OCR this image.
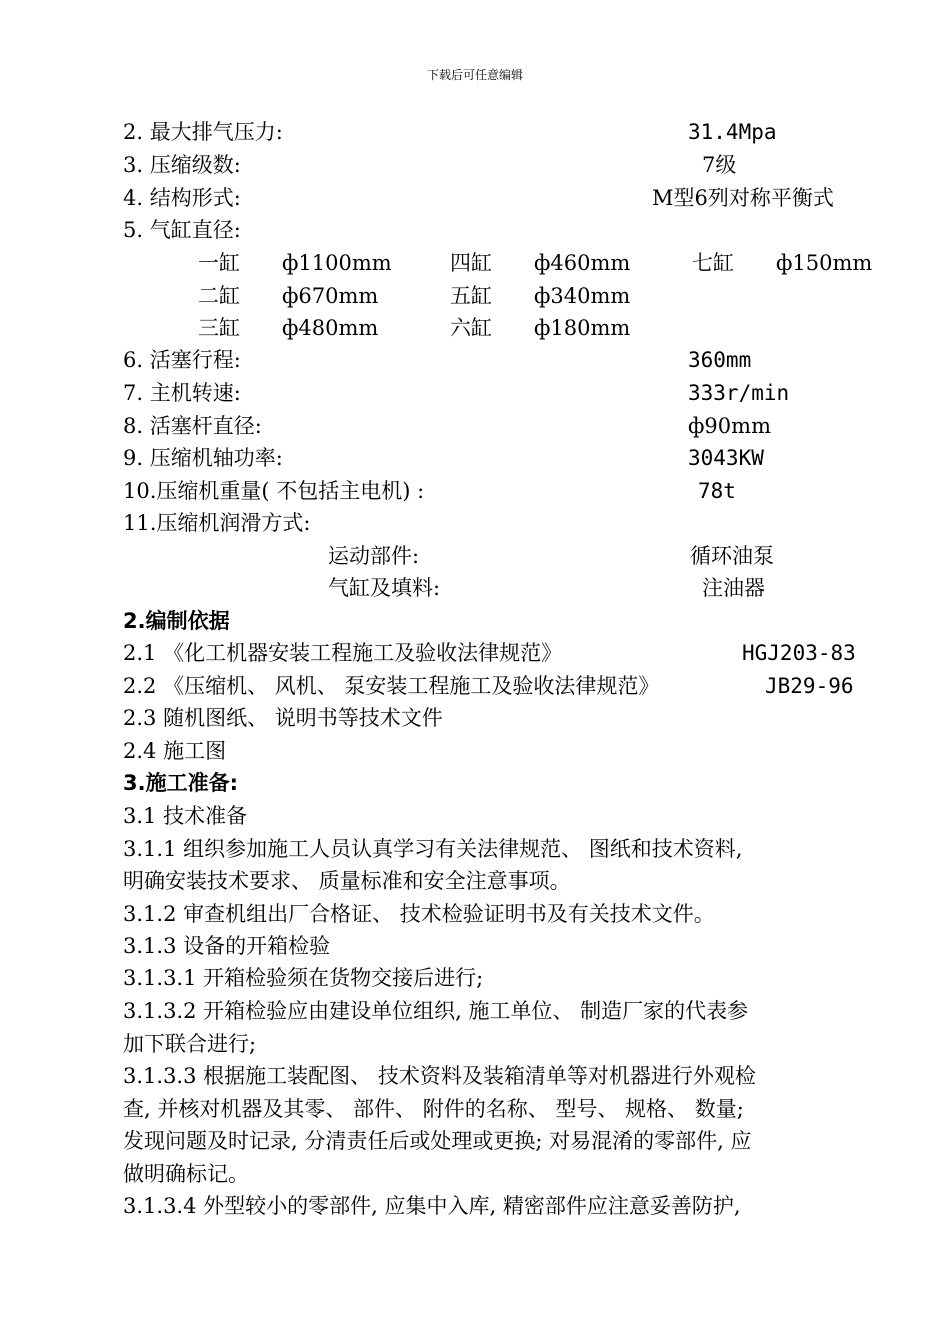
下载后可任意编辑
2. 最大排气压力:	31.4Mpa
3. 压缩级数:	7级
4. 结构形式:	M型6列对称平衡式
5. 气缸直径:
一缸 ф1100mm	四缸 ф460mm	七缸 ф150mm
二缸 ф670mm	五缸 ф340mm
三缸 ф480mm	六缸 ф180mm
6. 活塞行程:	360mm
7. 主机转速:	333r/min
8. 活塞杆直径:	ф90mm
9. 压缩机轴功率:	3043KW
10.压缩机重量( 不包括主电机) :	78t
11.压缩机润滑方式:
运动部件:	循环油泵
气缸及填料:	注油器
2.编制依据
2.1 《化工机器安装工程施工及验收法律规范》	HGJ203-83
2.2 《压缩机、 风机、 泵安装工程施工及验收法律规范》	JB29-96
2.3 随机图纸、 说明书等技术文件
2.4 施工图
3.施工准备:
3.1 技术准备
3.1.1 组织参加施工人员认真学习有关法律规范、 图纸和技术资料,
明确安装技术要求、 质量标准和安全注意事项。
3.1.2 审查机组出厂合格证、 技术检验证明书及有关技术文件。
3.1.3 设备的开箱检验
3.1.3.1 开箱检验须在货物交接后进行;
3.1.3.2 开箱检验应由建设单位组织, 施工单位、 制造厂家的代表参
加下联合进行;
3.1.3.3 根据施工装配图、 技术资料及装箱清单等对机器进行外观检
查, 并核对机器及其零、 部件、 附件的名称、 型号、 规格、 数量;
发现问题及时记录, 分清责任后或处理或更换; 对易混淆的零部件, 应
做明确标记。
3.1.3.4 外型较小的零部件, 应集中入库, 精密部件应注意妥善防护,
